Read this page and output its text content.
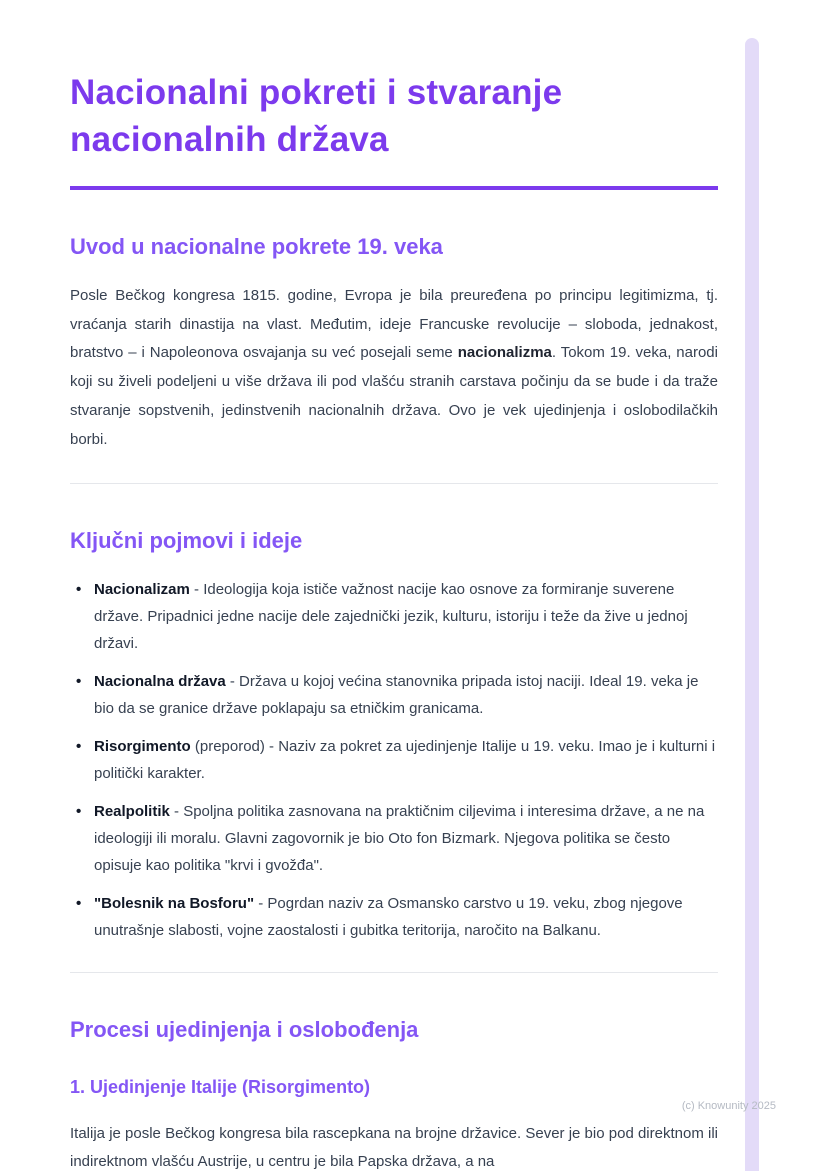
Nacionalni pokreti i stvaranje nacionalnih država
Uvod u nacionalne pokrete 19. veka

Posle Bečkog kongresa 1815. godine, Evropa je bila preuređena po principu legitimizma, tj. vraćanja starih dinastija na vlast. Međutim, ideje Francuske revolucije – sloboda, jednakost, bratstvo – i Napoleonova osvajanja su već posejali seme nacionalizma. Tokom 19. veka, narodi koji su živeli podeljeni u više država ili pod vlašću stranih carstava počinju da se bude i da traže stvaranje sopstvenih, jedinstvenih nacionalnih država. Ovo je vek ujedinjenja i oslobodilačkih borbi.

Ključni pojmovi i ideje
• Nacionalizam - Ideologija koja ističe važnost nacije kao osnove za formiranje suverene države. Pripadnici jedne nacije dele zajednički jezik, kulturu, istoriju i teže da žive u jednoj državi.
• Nacionalna država - Država u kojoj većina stanovnika pripada istoj naciji. Ideal 19. veka je bio da se granice države poklapaju sa etničkim granicama.
• Risorgimento (preporod) - Naziv za pokret za ujedinjenje Italije u 19. veku. Imao je i kulturni i politički karakter.
• Realpolitik - Spoljna politika zasnovana na praktičnim ciljevima i interesima države, a ne na ideologiji ili moralu. Glavni zagovornik je bio Oto fon Bizmark. Njegova politika se često opisuje kao politika "krvi i gvožđa".
• "Bolesnik na Bosforu" - Pogrdan naziv za Osmansko carstvo u 19. veku, zbog njegove unutrašnje slabosti, vojne zaostalosti i gubitka teritorija, naročito na Balkanu.
Procesi ujedinjenja i oslobođenja
1. Ujedinjenje Italije (Risorgimento)

Italija je posle Bečkog kongresa bila rascepkana na brojne državice. Sever je bio pod direktnom ili indirektnom vlašću Austrije, u centru je bila Papska država, a na

(c) Knowunity 2025
